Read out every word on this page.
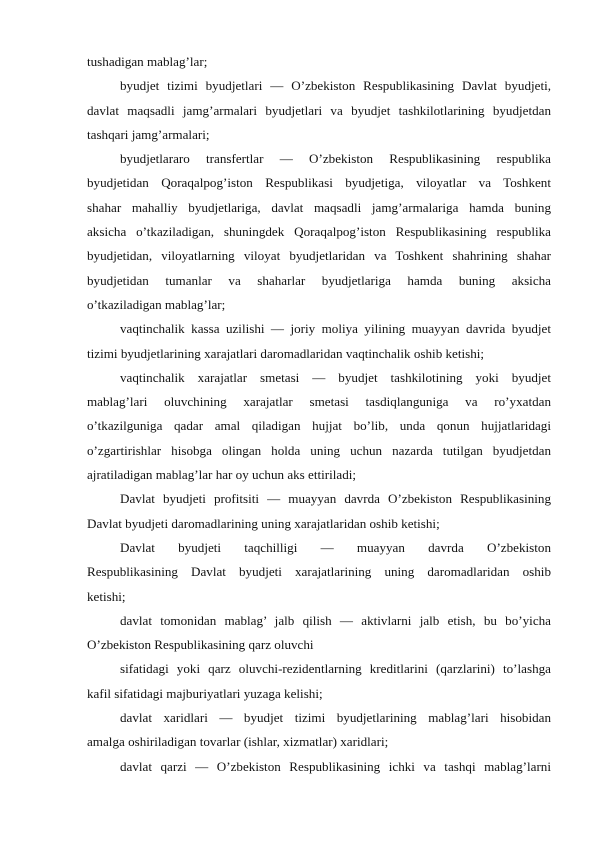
tushadigan mablag’lar;
byudjet tizimi byudjetlari — O’zbekiston Respublikasining Davlat byudjeti,
davlat maqsadli jamg’armalari byudjetlari va byudjet tashkilotlarining byudjetdan
tashqari jamg’armalari;
byudjetlararo transfertlar — O’zbekiston Respublikasining respublika
byudjetidan Qoraqalpog’iston Respublikasi byudjetiga, viloyatlar va Toshkent
shahar mahalliy byudjetlariga, davlat maqsadli jamg’armalariga hamda buning
aksicha o’tkaziladigan, shuningdek Qoraqalpog’iston Respublikasining respublika
byudjetidan, viloyatlarning viloyat byudjetlaridan va Toshkent shahrining shahar
byudjetidan tumanlar va shaharlar byudjetlariga hamda buning aksicha
o’tkaziladigan mablag’lar;
vaqtinchalik kassa uzilishi — joriy moliya yilining muayyan davrida byudjet
tizimi byudjetlarining xarajatlari daromadlaridan vaqtinchalik oshib ketishi;
vaqtinchalik xarajatlar smetasi — byudjet tashkilotining yoki byudjet
mablag’lari oluvchining xarajatlar smetasi tasdiqlanguniga va ro’yxatdan
o’tkazilguniga qadar amal qiladigan hujjat bo’lib, unda qonun hujjatlaridagi
o’zgartirishlar hisobga olingan holda uning uchun nazarda tutilgan byudjetdan
ajratiladigan mablag’lar har oy uchun aks ettiriladi;
Davlat byudjeti profitsiti — muayyan davrda O’zbekiston Respublikasining
Davlat byudjeti daromadlarining uning xarajatlaridan oshib ketishi;
Davlat byudjeti taqchilligi — muayyan davrda O’zbekiston
Respublikasining Davlat byudjeti xarajatlarining uning daromadlaridan oshib
ketishi;
davlat tomonidan mablag’ jalb qilish — aktivlarni jalb etish, bu bo’yicha
O’zbekiston Respublikasining qarz oluvchi
sifatidagi yoki qarz oluvchi-rezidentlarning kreditlarini (qarzlarini) to’lashga
kafil sifatidagi majburiyatlari yuzaga kelishi;
davlat xaridlari — byudjet tizimi byudjetlarining mablag’lari hisobidan
amalga oshiriladigan tovarlar (ishlar, xizmatlar) xaridlari;
davlat qarzi — O’zbekiston Respublikasining ichki va tashqi mablag’larni
